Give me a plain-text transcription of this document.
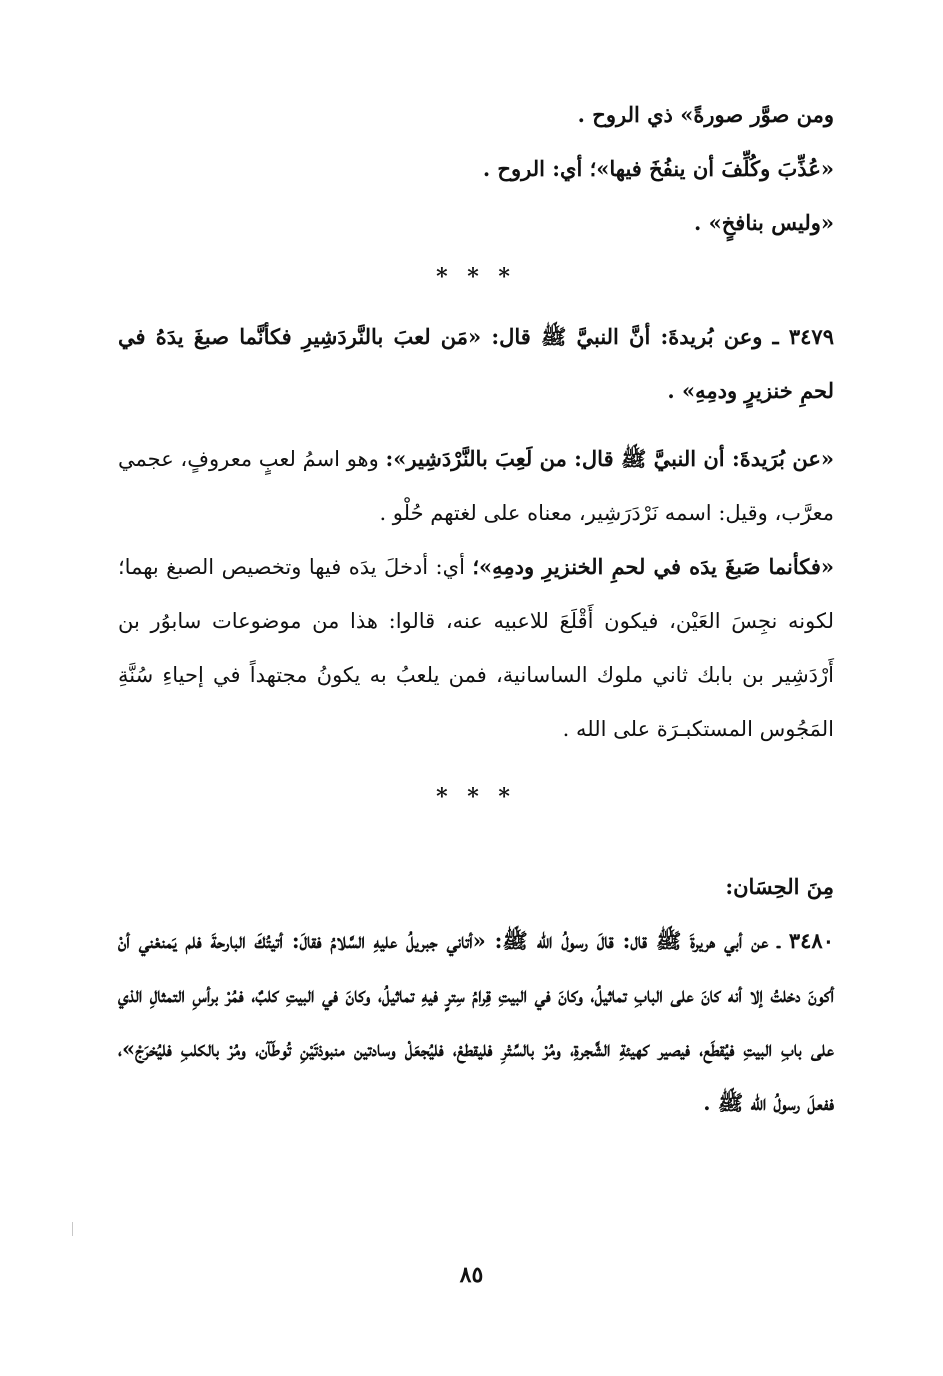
ومن صوَّر صورةً» ذي الروح .

«عُذِّبَ وكُلِّفَ أن ينفُخَ فيها»؛ أي: الروح .

«وليس بنافخٍ» .

* * *

٣٤٧٩ ـ وعن بُريدةَ: أنَّ النبيَّ ﷺ قال: «مَن لعبَ بالنَّردَشِيرِ فكأنَّما صبغَ يدَهُ في لحمِ خنزيرٍ ودمِهِ» .

«عن بُرَيدةَ: أن النبيَّ ﷺ قال: من لَعِبَ بالنَّرْدَشِير»: وهو اسمُ لعبٍ معروفٍ، عجمي معرَّب، وقيل: اسمه نَرْدَرَشِير، معناه على لغتهم حُلْو .

«فكأنما صَبغَ يدَه في لحمِ الخنزيرِ ودمِهِ»؛ أي: أدخلَ يدَه فيها وتخصيص الصبغ بهما؛ لكونه نجِسَ العَيْن، فيكون أَقْلَعَ للاعبيه عنه، قالوا: هذا من موضوعات سابوُر بن أَرْدَشِير بن بابك ثاني ملوك الساسانية، فمن يلعبُ به يكونُ مجتهداً في إحياءِ سُنَّةِ المَجُوس المستكبـرَة على الله .

* * *

مِنَ الحِسَان:

٣٤٨٠ ـ عن أبي هريرةَ ﷺ قال: قالَ رسولُ الله ﷺ: «أتاني جبريلُ عليهِ السَّلامُ فقالَ: أتيتُكَ البارحةَ فلم يَمنعْني أنْ أكونَ دخلتُ إلا أنه كانَ على البابِ تماثيلُ، وكانَ في البيتِ قِرامُ سِترٍ فيهِ تماثيلُ، وكانَ في البيتِ كلبٌ، فمُرْ برأسِ التمثالِ الذي على بابِ البيتِ فيُقطَع، فيصير كهيئةِ الشَّجرةِ، ومُرْ بالسِّتْرِ فليقطعْ، فليُجعَلْ وسادتين منبوذتَيْنِ تُوطَآن، ومُرْ بالكلبِ فليُخرَجْ»، ففعلَ رسولُ الله ﷺ .

٨٥
